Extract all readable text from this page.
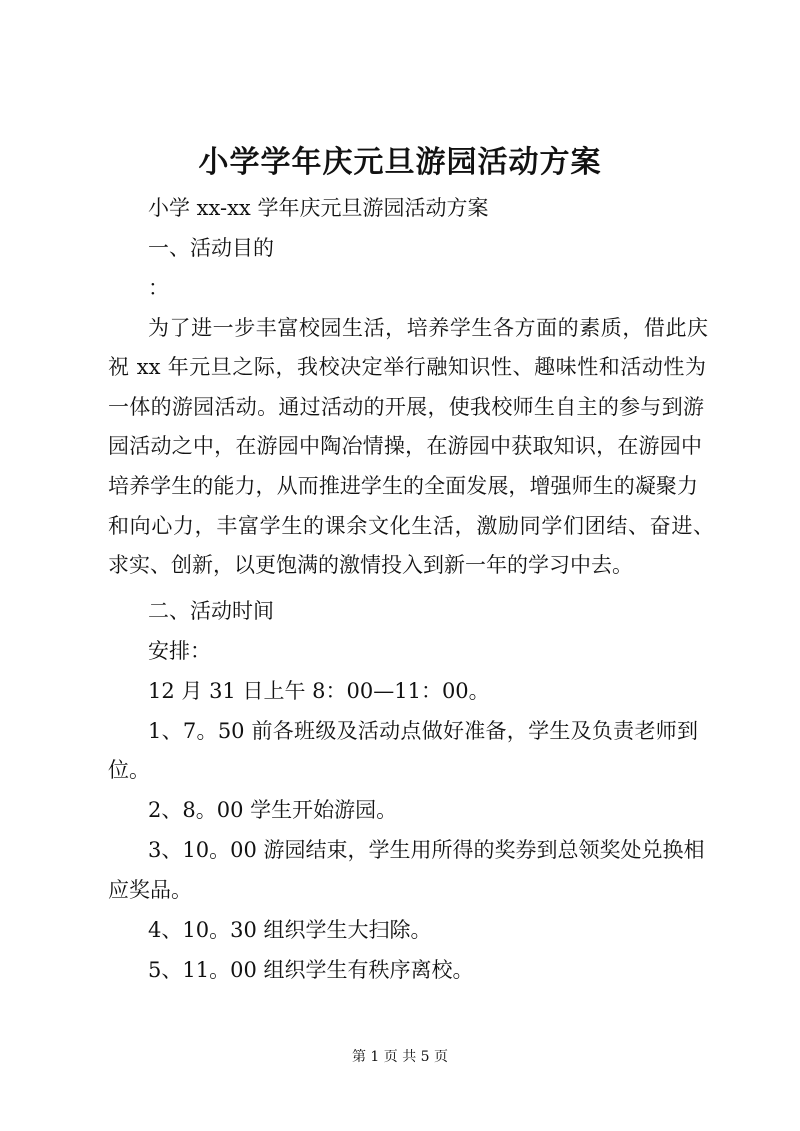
小学学年庆元旦游园活动方案
小学 xx-xx 学年庆元旦游园活动方案
一、活动目的
：
为了进一步丰富校园生活，培养学生各方面的素质，借此庆
祝 xx 年元旦之际，我校决定举行融知识性、趣味性和活动性为
一体的游园活动。通过活动的开展，使我校师生自主的参与到游
园活动之中，在游园中陶冶情操，在游园中获取知识，在游园中
培养学生的能力，从而推进学生的全面发展，增强师生的凝聚力
和向心力，丰富学生的课余文化生活，激励同学们团结、奋进、
求实、创新，以更饱满的激情投入到新一年的学习中去。
二、活动时间
安排：
12 月 31 日上午 8：00—11：00。
1、7。50 前各班级及活动点做好准备，学生及负责老师到
位。
2、8。00 学生开始游园。
3、10。00 游园结束，学生用所得的奖券到总领奖处兑换相
应奖品。
4、10。30 组织学生大扫除。
5、11。00 组织学生有秩序离校。
第 1 页 共 5 页
